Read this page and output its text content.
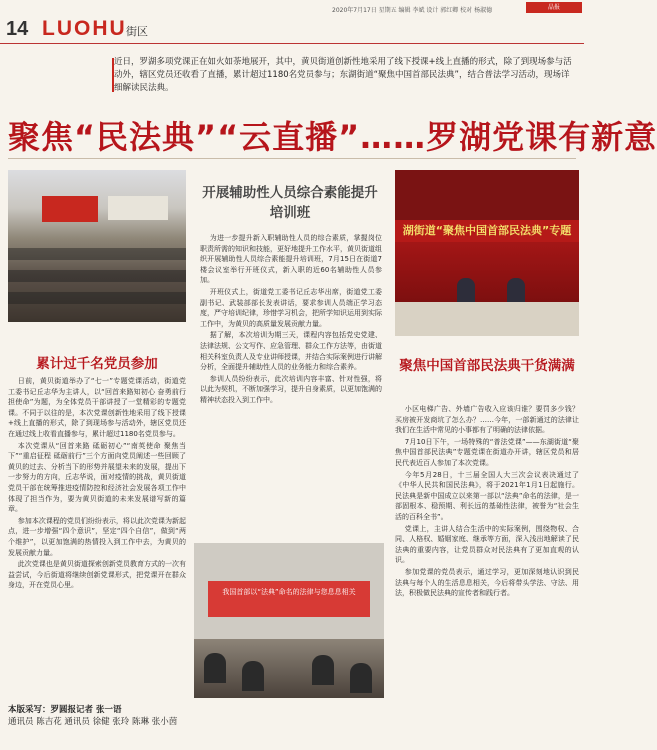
14 LUOHU 街区
2020年7月17日 星期五 编辑 李斌 设计 郭红卿 校对 杨淑德	晶报
近日，罗湖多项党课正在如火如荼地展开，其中，黄贝街道创新性地采用了线下授课+线上直播的形式，除了到现场参与活动外，辖区党员还收看了直播，累计超过1180名党员参与；东湖街道“聚焦中国首部民法典”，结合普法学习活动，现场详细解读民法典。
聚焦“民法典”“云直播”……罗湖党课有新意
湖街道“聚焦中国首部民法典”专题
我国首部以“法典”命名的法律与您息息相关
开展辅助性人员综合素能提升培训班
累计过千名党员参加	聚焦中国首部民法典干货满满

日前，黄贝街道举办了“七一”专题党课活动，街道党工委书记丘志华为主讲人，以“回首来路知初心 奋勇前行担使命”为题，为全体党员干部讲授了一堂精彩的专题党课。不同于以往的是，本次党课创新性地采用了线下授课+线上直播的形式，除了到现场参与活动外，辖区党员还在通过线上收看直播参与，累计超过1180名党员参与。

本次党课从“回首来路 砥砺初心”“南英使命 聚焦当下”“重启征程 砥砺前行”三个方面向党员阐述一些回顾了黄贝的过去、分析当下的形势并展望未来的发展，提出下一步努力的方向，丘志华说，面对疫情的挑战，黄贝街道党员干部在统筹推进疫情防控和经济社会发展各项工作中体现了担当作为，要为黄贝街道的未来发展谱写新的篇章。

参加本次课程的党员们纷纷表示，将以此次党课为新起点，进一步增强“四个意识”，坚定“四个自信”，做到“两个维护”，以更加饱满的热情投入到工作中去，为黄贝的发展贡献力量。

此次党课也是黄贝街道探索创新党员教育方式的一次有益尝试，今后街道将继续创新党课形式，把党课开在群众身边，开在党员心里。

为进一步提升新入职辅助性人员的综合素质，掌握岗位职责所需的知识和技能，更好地提升工作水平，黄贝街道组织开展辅助性人员综合素能提升培训班，7月15日在街道7楼会议室举行开班仪式，新入职的近60名辅助性人员参加。

开班仪式上，街道党工委书记丘志华出席，街道党工委副书记、武装部部长发表讲话，要求参训人员端正学习态度，严守培训纪律，珍惜学习机会，把所学知识运用到实际工作中，为黄贝的高质量发展贡献力量。

据了解，本次培训为期三天，课程内容包括党史党建、法律法规、公文写作、应急管理、群众工作方法等，由街道相关科室负责人及专业讲师授课，并结合实际案例进行讲解分析，全面提升辅助性人员的业务能力和综合素养。

参训人员纷纷表示，此次培训内容丰富、针对性强，将以此为契机，不断加强学习，提升自身素质，以更加饱满的精神状态投入到工作中。

小区电梯广告、外墙广告收入应该归谁？要罚多少钱？买房被开发商坑了怎么办？……今年，一部新通过的法律让我们在生活中常见的小事都有了明确的法律依据。

7月10日下午，一场特殊的“普法党课”——东湖街道“聚焦中国首部民法典”专题党课在街道办开讲，辖区党员和居民代表近百人参加了本次党课。

今年5月28日，十三届全国人大三次会议表决通过了《中华人民共和国民法典》，将于2021年1月1日起施行。民法典是新中国成立以来第一部以“法典”命名的法律，是一部固根本、稳预期、利长远的基础性法律，被誉为“社会生活的百科全书”。

党课上，主讲人结合生活中的实际案例，围绕物权、合同、人格权、婚姻家庭、继承等方面，深入浅出地解读了民法典的重要内容，让党员群众对民法典有了更加直观的认识。

参加党课的党员表示，通过学习，更加深刻地认识到民法典与每个人的生活息息相关，今后将带头学法、守法、用法，积极做民法典的宣传者和践行者。

本版采写：罗圆报记者 张一语
通讯员 陈吉花 通讯员 徐健 张玲 陈琳 张小茵
